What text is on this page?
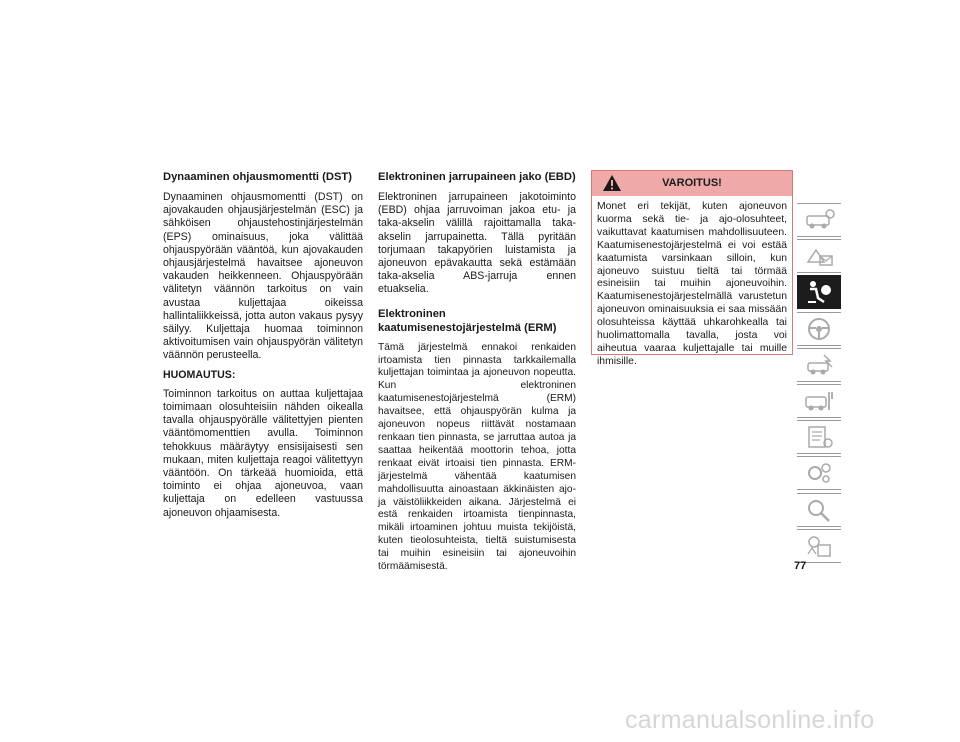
Dynaaminen ohjausmomentti (DST)

Dynaaminen ohjausmomentti (DST) on ajovakauden ohjausjärjestelmän (ESC) ja sähköisen ohjaustehostinjärjestelmän (EPS) ominaisuus, joka välittää ohjauspyörään vääntöä, kun ajovakauden ohjausjärjestelmä havaitsee ajoneuvon vakauden heikkenneen. Ohjauspyörään välitetyn väännön tarkoitus on vain avustaa kuljettajaa oikeissa hallintaliikkeissä, jotta auton vakaus pysyy säilyy. Kuljettaja huomaa toiminnon aktivoitumisen vain ohjauspyörän välitetyn väännön perusteella.

HUOMAUTUS:

Toiminnon tarkoitus on auttaa kuljettajaa toimimaan olosuhteisiin nähden oikealla tavalla ohjauspyörälle välitettyjen pienten vääntömomenttien avulla. Toiminnon tehokkuus määräytyy ensisijaisesti sen mukaan, miten kuljettaja reagoi välitettyyn vääntöön. On tärkeää huomioida, että toiminto ei ohjaa ajoneuvoa, vaan kuljettaja on edelleen vastuussa ajoneuvon ohjaamisesta.

Elektroninen jarrupaineen jako (EBD)

Elektroninen jarrupaineen jakotoiminto (EBD) ohjaa jarruvoiman jakoa etu- ja taka-akselin välillä rajoittamalla taka-akselin jarrupainetta. Tällä pyritään torjumaan takapyörien luistamista ja ajoneuvon epävakautta sekä estämään taka-akselia ABS-jarruja ennen etuakselia.

Elektroninen kaatumisenestojärjestelmä (ERM)

Tämä järjestelmä ennakoi renkaiden irtoamista tien pinnasta tarkkailemalla kuljettajan toimintaa ja ajoneuvon nopeutta. Kun elektroninen kaatumisenestojärjestelmä (ERM) havaitsee, että ohjauspyörän kulma ja ajoneuvon nopeus riittävät nostamaan renkaan tien pinnasta, se jarruttaa autoa ja saattaa heikentää moottorin tehoa, jotta renkaat eivät irtoaisi tien pinnasta. ERM-järjestelmä vähentää kaatumisen mahdollisuutta ainoastaan äkkinäisten ajo- ja väistöliikkeiden aikana. Järjestelmä ei estä renkaiden irtoamista tienpinnasta, mikäli irtoaminen johtuu muista tekijöistä, kuten tieolosuhteista, tieltä suistumisesta tai muihin esineisiin tai ajoneuvoihin törmäämisestä.

VAROITUS!
Monet eri tekijät, kuten ajoneuvon kuorma sekä tie- ja ajo-olosuhteet, vaikuttavat kaatumisen mahdollisuuteen. Kaatumisenestojärjestelmä ei voi estää kaatumista varsinkaan silloin, kun ajoneuvo suistuu tieltä tai törmää esineisiin tai muihin ajoneuvoihin. Kaatumisenestojärjestelmällä varustetun ajoneuvon ominaisuuksia ei saa missään olosuhteissa käyttää uhkarohkealla tai huolimattomalla tavalla, josta voi aiheutua vaaraa kuljettajalle tai muille ihmisille.
77
carmanualsonline.info
